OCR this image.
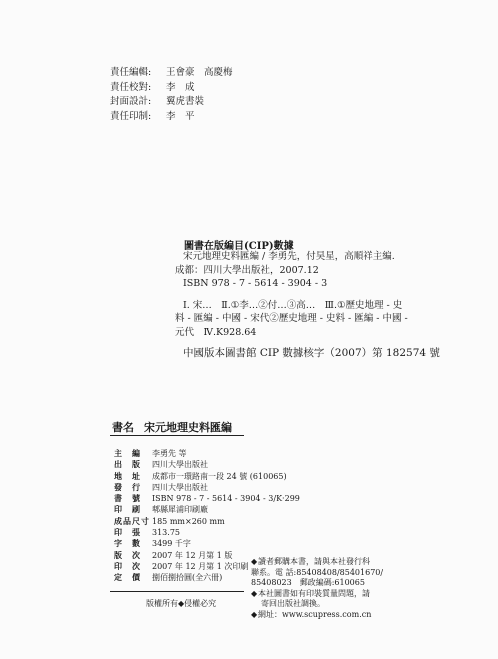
責任編輯:	王會豪　高慶梅
責任校對:	李　成
封面設計:	翼虎書裝
責任印制:	李　平
圖書在版編目(CIP)數據
宋元地理史料匯編 / 李勇先，付昊星，高順祥主編.
成都：四川大學出版社，2007.12
ISBN 978 - 7 - 5614 - 3904 - 3
Ⅰ. 宋…　Ⅱ.①李…②付…③高…　Ⅲ.①歷史地理 - 史
料 - 匯編 - 中國 - 宋代②歷史地理 - 史料 - 匯編 - 中國 -
元代　Ⅳ.K928.64
中國版本圖書館 CIP 數據核字（2007）第 182574 號
書名 宋元地理史料匯編
主　編	李勇先 等
出　版	四川大學出版社
地　址	成都市一環路南一段 24 號 (610065)
發　行	四川大學出版社
書　號	ISBN 978 - 7 - 5614 - 3904 - 3/K·299
印　刷	郫縣犀浦印刷廠
成品尺寸 185 mm×260 mm
印　張	313.75
字　數	3499 千字
版　次	2007 年 12 月第 1 版
印　次	2007 年 12 月第 1 次印刷
定　價	捌佰捌拾圓(全六冊)
版權所有◆侵權必究
◆讀者郵購本書，請與本社發行科
聯系。電 話:85408408/85401670/
85408023　郵政編碼:610065
◆本社圖書如有印裝質量問題，請

寄回出版社調換。
◆網址：www.scupress.com.cn
